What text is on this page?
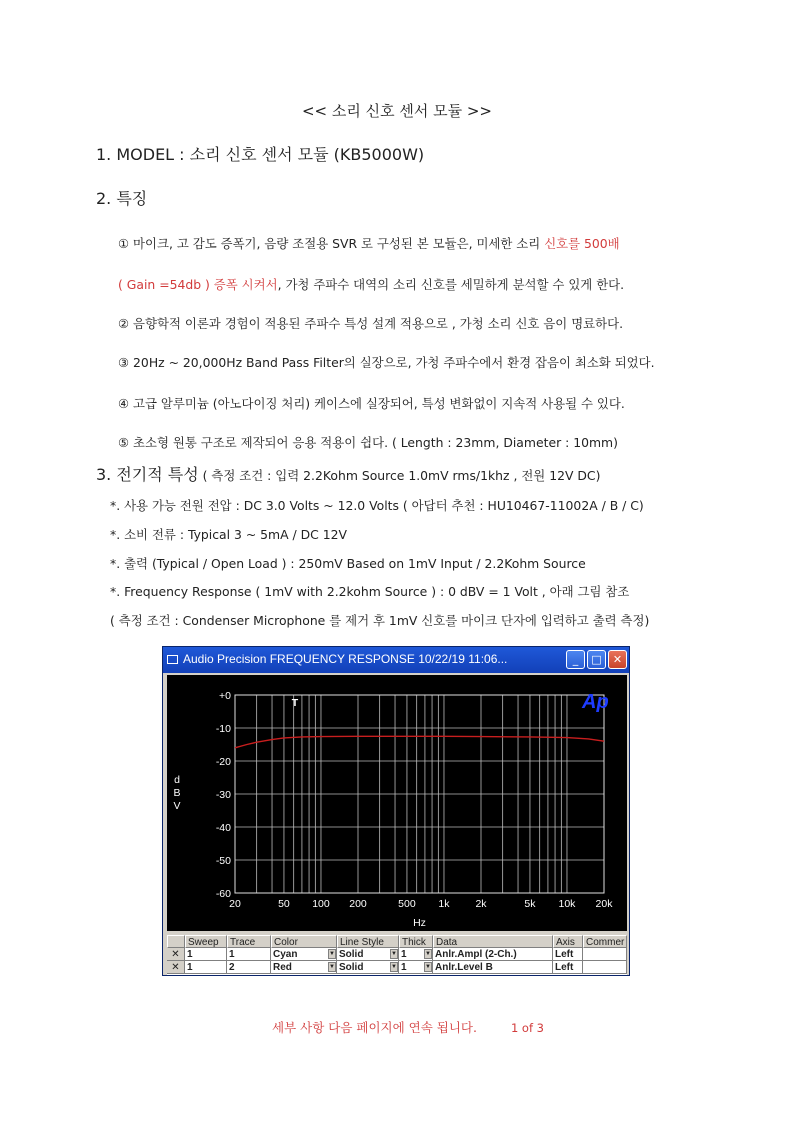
<< 소리 신호 센서 모듈 >>
1. MODEL : 소리 신호 센서 모듈 (KB5000W)
2. 특징
① 마이크, 고 감도 증폭기, 음량 조절용 SVR 로 구성된 본 모듈은, 미세한 소리 신호를 500배
( Gain =54db ) 증폭 시켜서, 가청 주파수 대역의 소리 신호를 세밀하게 분석할 수 있게 한다.
② 음향학적 이론과 경험이 적용된 주파수 특성 설계 적용으로 , 가청 소리 신호 음이 명료하다.
③ 20Hz ~ 20,000Hz Band Pass Filter의 실장으로, 가청 주파수에서 환경 잡음이 최소화 되었다.
④ 고급 알루미늄 (아노다이징 처리) 케이스에 실장되어, 특성 변화없이 지속적 사용될 수 있다.
⑤ 초소형 원통 구조로 제작되어 응용 적용이 쉽다. ( Length : 23mm, Diameter : 10mm)
3. 전기적 특성 ( 측정 조건 : 입력 2.2Kohm Source 1.0mV rms/1khz , 전원 12V DC)
*. 사용 가능 전원 전압 : DC 3.0 Volts ~ 12.0 Volts ( 아답터 추천 : HU10467-11002A / B / C)
*. 소비 전류 : Typical 3 ~ 5mA / DC 12V
*. 출력 (Typical / Open Load ) : 250mV Based on 1mV Input / 2.2Kohm Source
*. Frequency Response ( 1mV with 2.2kohm Source ) : 0 dBV = 1 Volt , 아래 그림 참조
( 측정 조건 : Condenser Microphone 를 제거 후 1mV 신호를 마이크 단자에 입력하고 출력 측정)
Audio Precision FREQUENCY RESPONSE 10/22/19 11:06...	_	□	✕
+0
-10
-20
-30
-40
-50
-60
20	50 100 200	500 1k 2k	5k 10k 20k
d
B
V
Hz
T	Ap
Sweep	Trace	Color	Line Style	Thick	Data	Axis	Commer
✕ 1	1	Cyan	▼ Solid	▼ 1	▼ Anlr.Ampl (2-Ch.)	Left
✕ 1	2	Red	▼ Solid	▼ 1	▼ Anlr.Level B	Left
세부 사항 다음 페이지에 연속 됩니다.	1 of 3
